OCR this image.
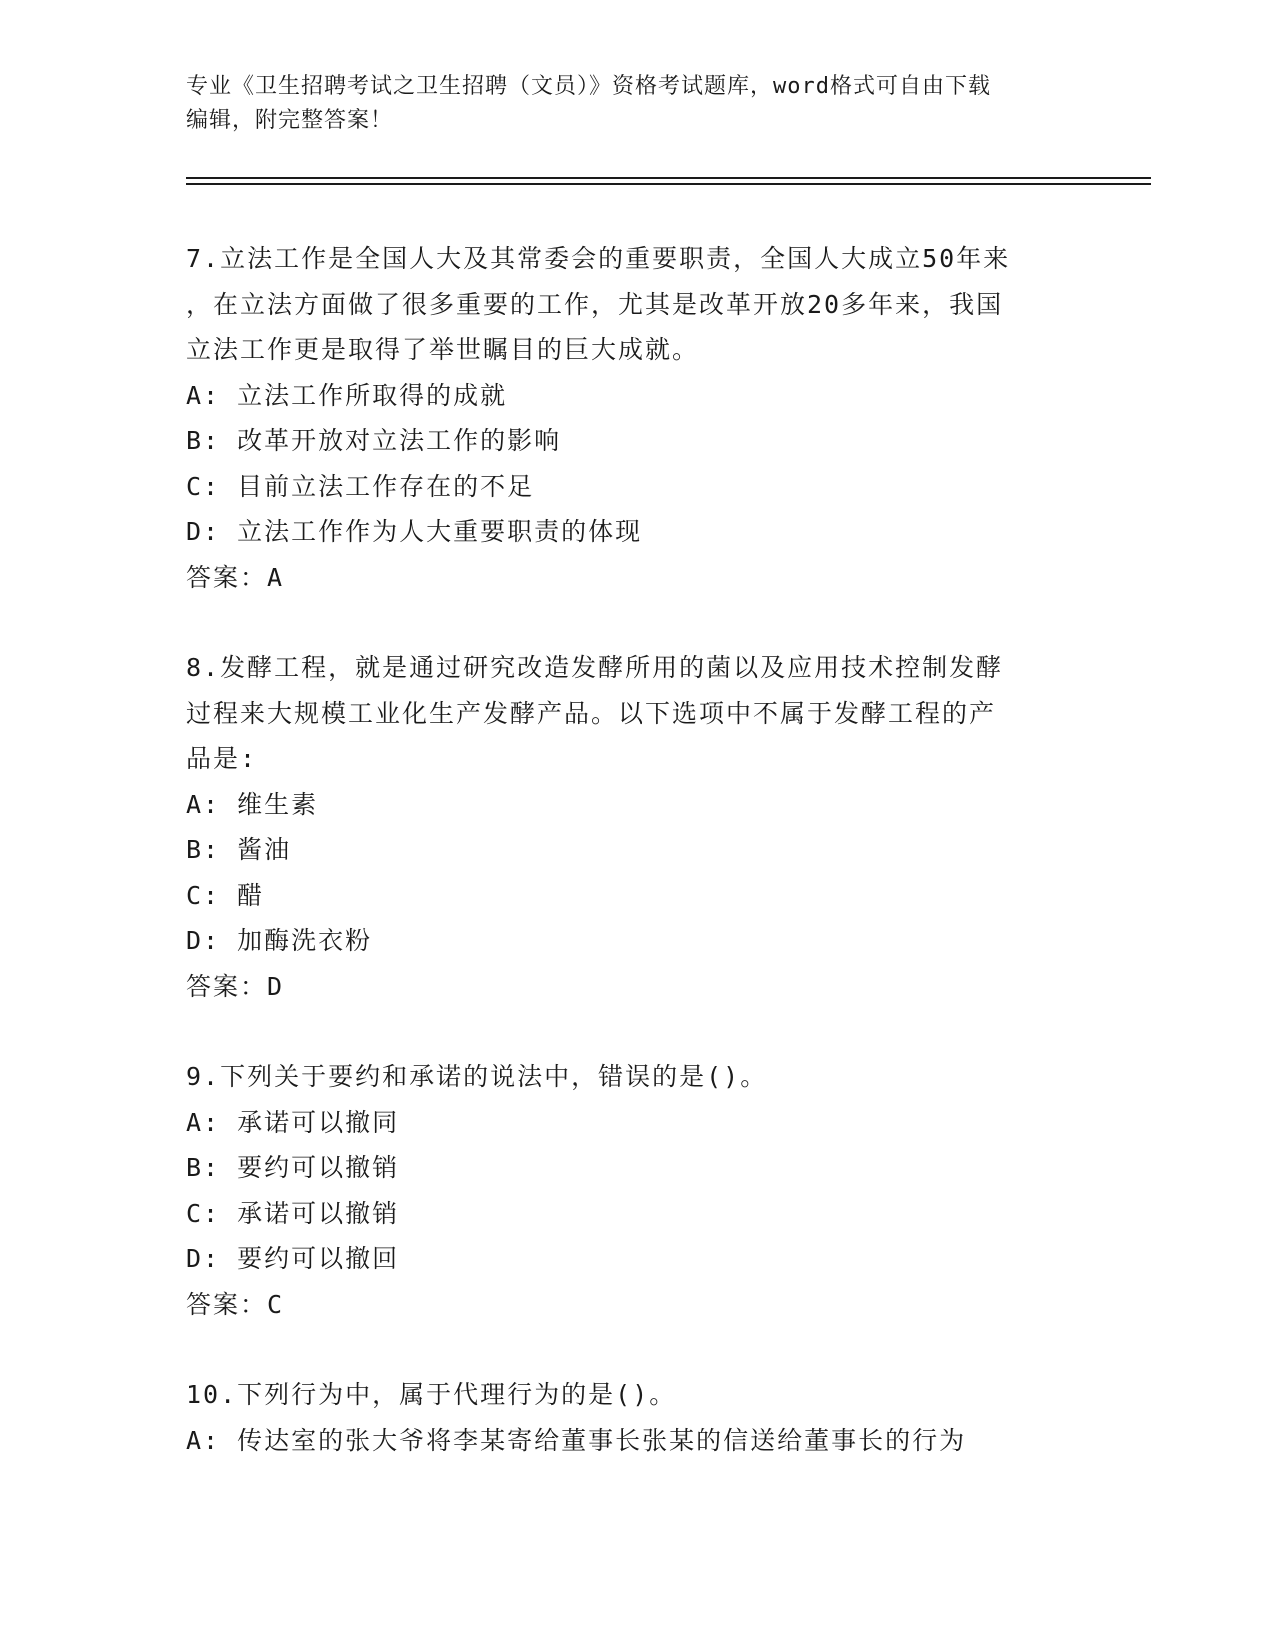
专业《卫生招聘考试之卫生招聘（文员）》资格考试题库，word格式可自由下载
编辑，附完整答案！
7.立法工作是全国人大及其常委会的重要职责，全国人大成立50年来
，在立法方面做了很多重要的工作，尤其是改革开放20多年来，我国
立法工作更是取得了举世瞩目的巨大成就。
A: 立法工作所取得的成就
B: 改革开放对立法工作的影响
C: 目前立法工作存在的不足
D: 立法工作作为人大重要职责的体现
答案：A
8.发酵工程，就是通过研究改造发酵所用的菌以及应用技术控制发酵
过程来大规模工业化生产发酵产品。以下选项中不属于发酵工程的产
品是:
A: 维生素
B: 酱油
C: 醋
D: 加酶洗衣粉
答案：D
9.下列关于要约和承诺的说法中，错误的是()。
A: 承诺可以撤同
B: 要约可以撤销
C: 承诺可以撤销
D: 要约可以撤回
答案：C
10.下列行为中，属于代理行为的是()。
A: 传达室的张大爷将李某寄给董事长张某的信送给董事长的行为
